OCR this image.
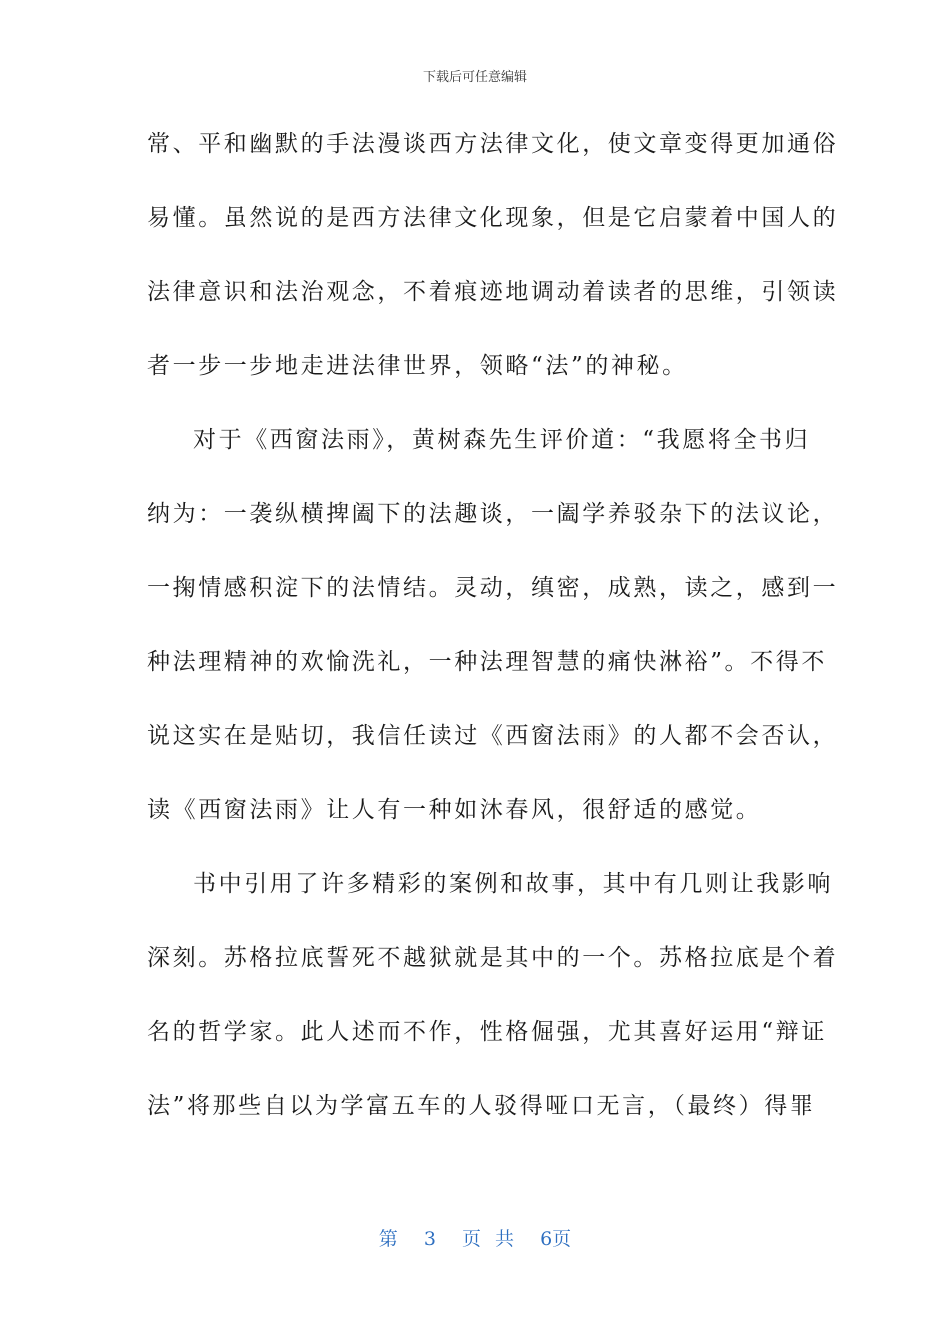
下载后可任意编辑
常、平和幽默的手法漫谈西方法律文化，使文章变得更加通俗
易懂。虽然说的是西方法律文化现象，但是它启蒙着中国人的
法律意识和法治观念，不着痕迹地调动着读者的思维，引领读
者一步一步地走进法律世界，领略“法”的神秘。
对于《西窗法雨》，黄树森先生评价道：“我愿将全书归
纳为：一袭纵横捭阖下的法趣谈，一阖学养驳杂下的法议论，
一掬情感积淀下的法情结。灵动，缜密，成熟，读之，感到一
种法理精神的欢愉洗礼，一种法理智慧的痛快淋裕”。不得不
说这实在是贴切，我信任读过《西窗法雨》的人都不会否认，
读《西窗法雨》让人有一种如沐春风，很舒适的感觉。
书中引用了许多精彩的案例和故事，其中有几则让我影响
深刻。苏格拉底誓死不越狱就是其中的一个。苏格拉底是个着
名的哲学家。此人述而不作，性格倔强，尤其喜好运用“辩证
法”将那些自以为学富五车的人驳得哑口无言，（最终）得罪
第 3 页 共 6页
